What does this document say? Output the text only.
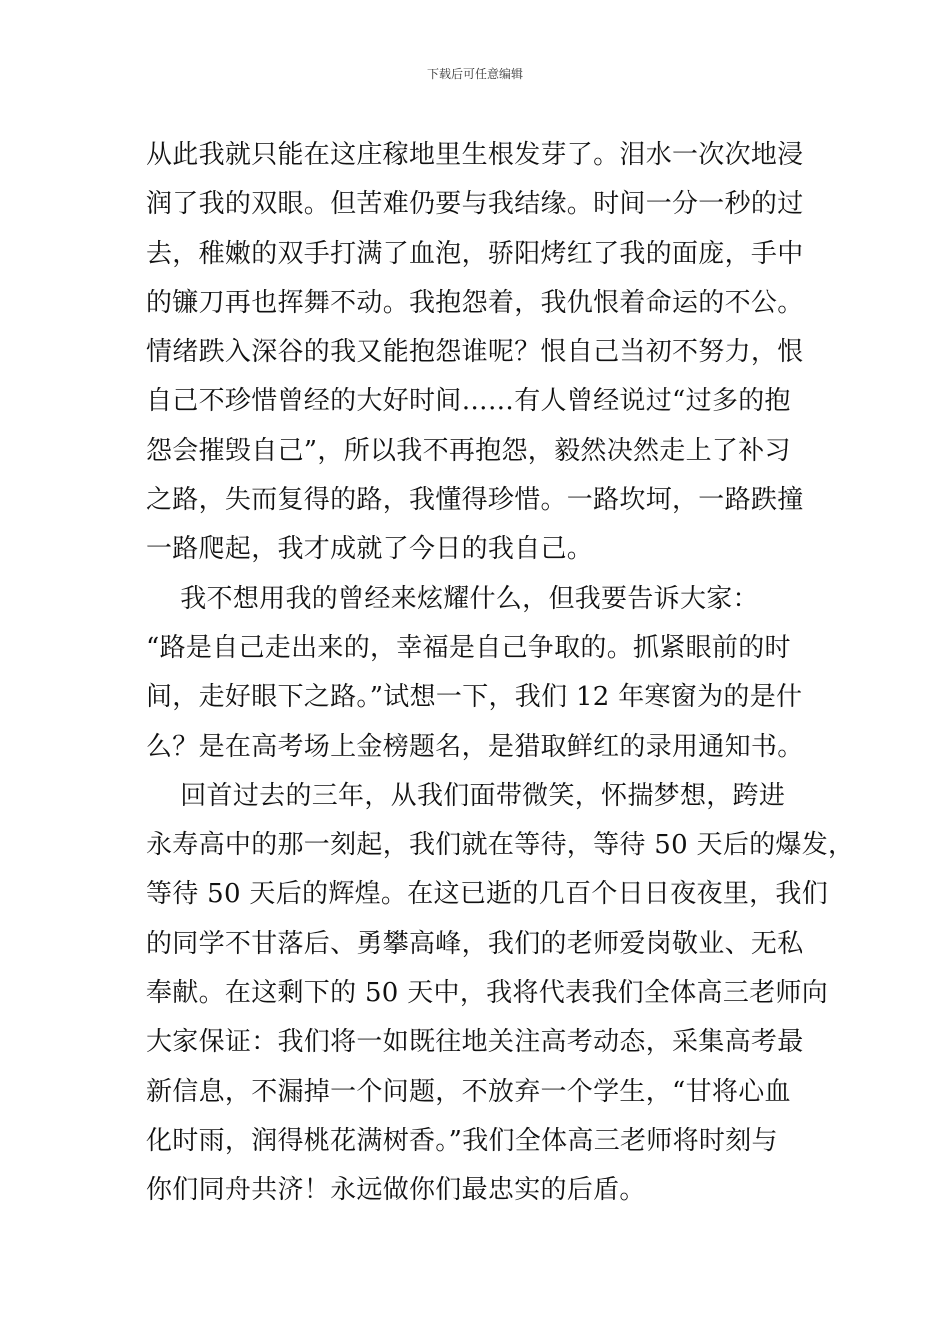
下载后可任意编辑
从此我就只能在这庄稼地里生根发芽了。泪水一次次地浸
润了我的双眼。但苦难仍要与我结缘。时间一分一秒的过
去，稚嫩的双手打满了血泡，骄阳烤红了我的面庞，手中
的镰刀再也挥舞不动。我抱怨着，我仇恨着命运的不公。
情绪跌入深谷的我又能抱怨谁呢？恨自己当初不努力，恨
自己不珍惜曾经的大好时间……有人曾经说过“过多的抱
怨会摧毁自己”，所以我不再抱怨，毅然决然走上了补习
之路，失而复得的路，我懂得珍惜。一路坎坷，一路跌撞
一路爬起，我才成就了今日的我自己。
我不想用我的曾经来炫耀什么，但我要告诉大家：
“路是自己走出来的，幸福是自己争取的。抓紧眼前的时
间，走好眼下之路。”试想一下，我们 12 年寒窗为的是什
么？是在高考场上金榜题名，是猎取鲜红的录用通知书。
回首过去的三年，从我们面带微笑，怀揣梦想，跨进
永寿高中的那一刻起，我们就在等待，等待 50 天后的爆发，
等待 50 天后的辉煌。在这已逝的几百个日日夜夜里，我们
的同学不甘落后、勇攀高峰，我们的老师爱岗敬业、无私
奉献。在这剩下的 50 天中，我将代表我们全体高三老师向
大家保证：我们将一如既往地关注高考动态，采集高考最
新信息，不漏掉一个问题，不放弃一个学生，“甘将心血
化时雨，润得桃花满树香。”我们全体高三老师将时刻与
你们同舟共济！永远做你们最忠实的后盾。
